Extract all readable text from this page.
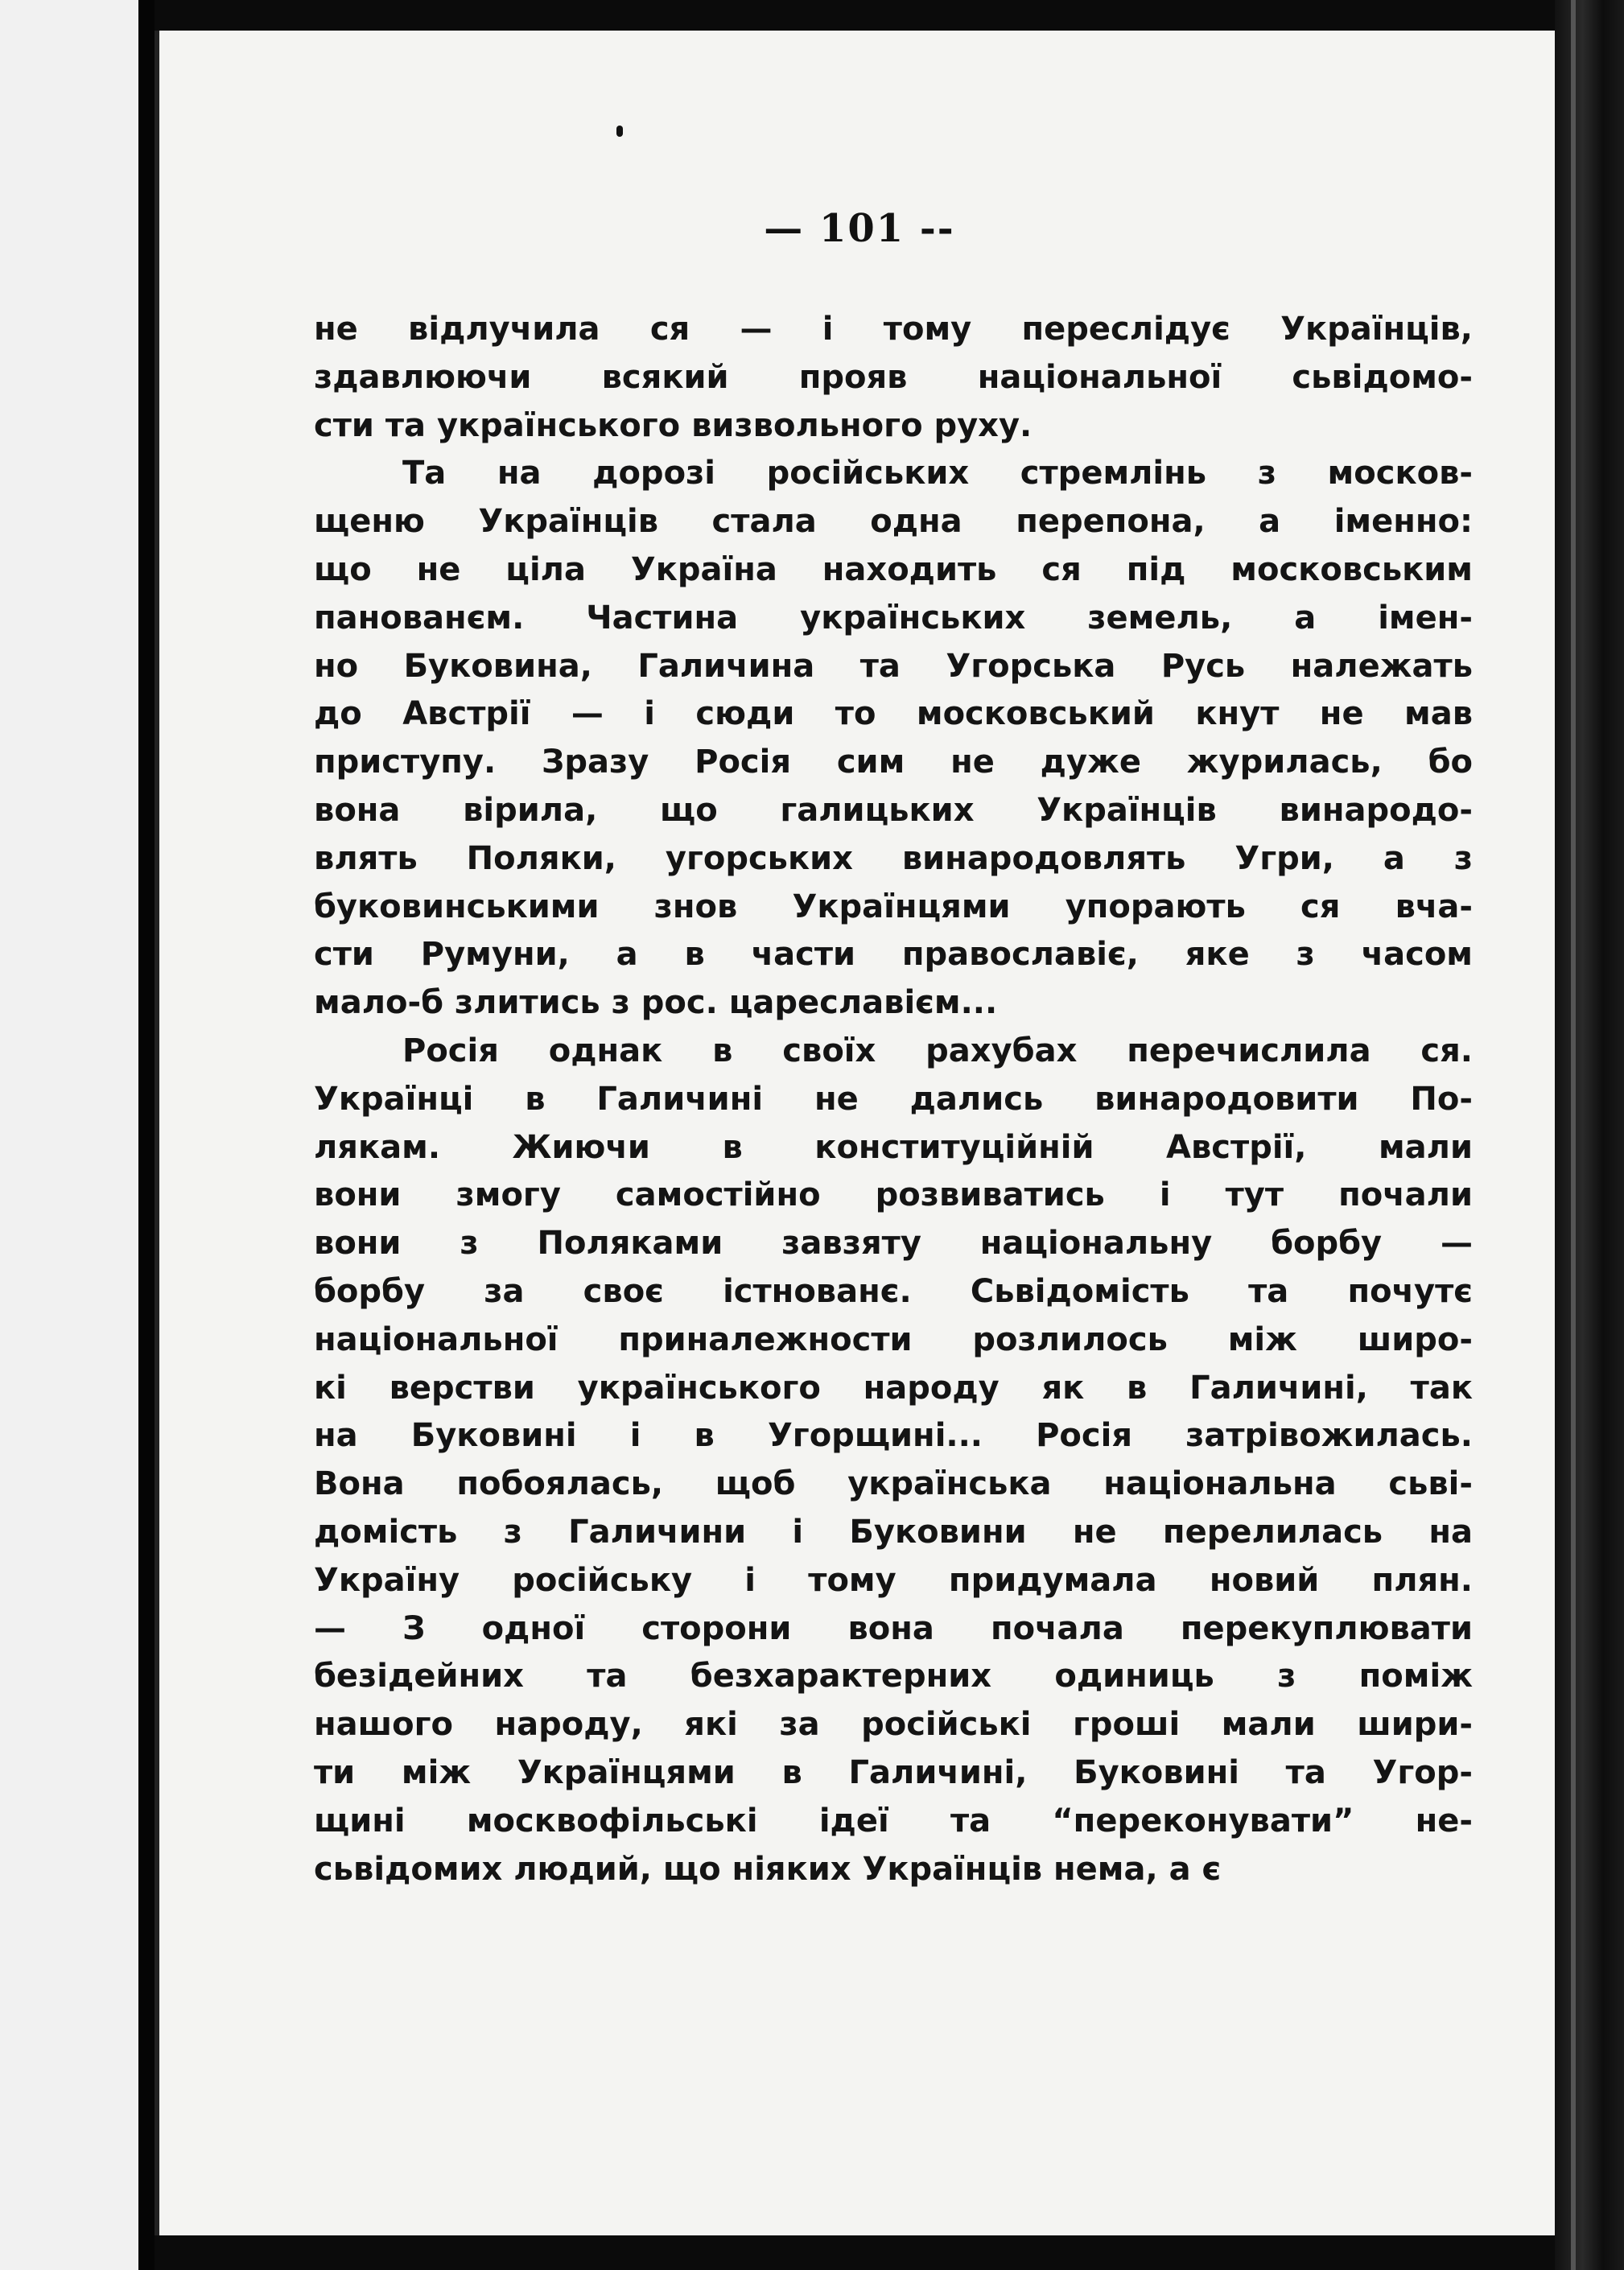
— 101 --
не відлучила ся — і тому переслідує Українців,
здавлюючи всякий прояв національної сьвідомо-
сти та українського визвольного руху.
Та на дорозі російських стремлінь з москов-
щеню Українців стала одна перепона, а іменно:
що не ціла Україна находить ся під московським
панованєм. Частина українських земель, а імен-
но Буковина, Галичина та Угорська Русь належать
до Австрії — і сюди то московський кнут не мав
приступу. Зразу Росія сим не дуже журилась, бо
вона вірила, що галицьких Українців винародо-
влять Поляки, угорських винародовлять Угри, а з
буковинськими знов Українцями упорають ся вча-
сти Румуни, а в части православіє, яке з часом
мало-б злитись з рос. цареславієм...
Росія однак в своїх рахубах перечислила ся.
Українці в Галичині не дались винародовити По-
лякам. Жиючи в конституційній Австрії, мали
вони змогу самостійно розвиватись і тут почали
вони з Поляками завзяту національну борбу —
борбу за своє істнованє. Сьвідомість та почутє
національної приналежности розлилось між широ-
кі верстви українського народу як в Галичині, так
на Буковині і в Угорщині... Росія затрівожилась.
Вона побоялась, щоб українська національна сьві-
домість з Галичини і Буковини не перелилась на
Україну російську і тому придумала новий плян.
— З одної сторони вона почала перекуплювати
безідейних та безхарактерних одиниць з поміж
нашого народу, які за російські гроші мали шири-
ти між Українцями в Галичині, Буковині та Угор-
щині москвофільські ідеї та “переконувати” не-
сьвідомих людий, що ніяких Українців нема, а є
